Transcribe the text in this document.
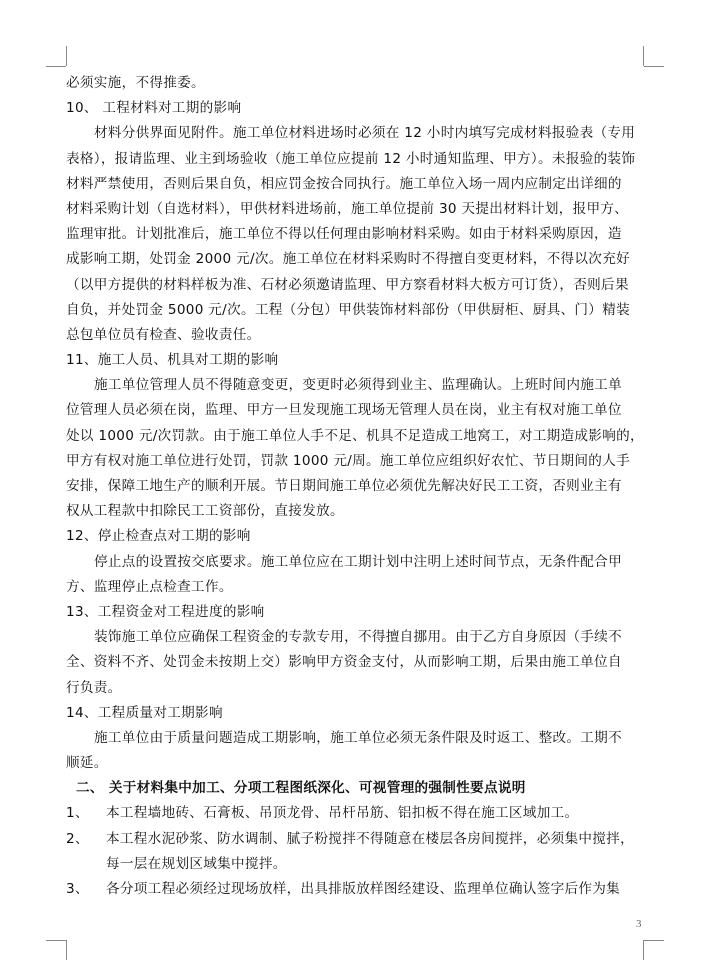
必须实施，不得推委。
10、 工程材料对工期的影响
材料分供界面见附件。施工单位材料进场时必须在 12 小时内填写完成材料报验表（专用
表格），报请监理、业主到场验收（施工单位应提前 12 小时通知监理、甲方）。未报验的装饰
材料严禁使用，否则后果自负，相应罚金按合同执行。施工单位入场一周内应制定出详细的
材料采购计划（自选材料），甲供材料进场前，施工单位提前 30 天提出材料计划，报甲方、
监理审批。计划批准后，施工单位不得以任何理由影响材料采购。如由于材料采购原因，造
成影响工期，处罚金 2000 元/次。施工单位在材料采购时不得擅自变更材料，不得以次充好
（以甲方提供的材料样板为准、石材必须邀请监理、甲方察看材料大板方可订货），否则后果
自负，并处罚金 5000 元/次。工程（分包）甲供装饰材料部份（甲供厨柜、厨具、门）精装
总包单位员有检查、验收责任。
11、施工人员、机具对工期的影响
施工单位管理人员不得随意变更，变更时必须得到业主、监理确认。上班时间内施工单
位管理人员必须在岗，监理、甲方一旦发现施工现场无管理人员在岗，业主有权对施工单位
处以 1000 元/次罚款。由于施工单位人手不足、机具不足造成工地窝工，对工期造成影响的，
甲方有权对施工单位进行处罚，罚款 1000 元/周。施工单位应组织好农忙、节日期间的人手
安排，保障工地生产的顺利开展。节日期间施工单位必须优先解决好民工工资，否则业主有
权从工程款中扣除民工工资部份，直接发放。
12、停止检查点对工期的影响
停止点的设置按交底要求。施工单位应在工期计划中注明上述时间节点，无条件配合甲
方、监理停止点检查工作。
13、工程资金对工程进度的影响
装饰施工单位应确保工程资金的专款专用，不得擅自挪用。由于乙方自身原因（手续不
全、资料不齐、处罚金未按期上交）影响甲方资金支付，从而影响工期，后果由施工单位自
行负责。
14、工程质量对工期影响
施工单位由于质量问题造成工期影响，施工单位必须无条件限及时返工、整改。工期不
顺延。
二、 关于材料集中加工、分项工程图纸深化、可视管理的强制性要点说明
1、	本工程墙地砖、石膏板、吊顶龙骨、吊杆吊筋、铝扣板不得在施工区域加工。
2、	本工程水泥砂浆、防水调制、腻子粉搅拌不得随意在楼层各房间搅拌，必须集中搅拌，
每一层在规划区域集中搅拌。
3、	各分项工程必须经过现场放样，出具排版放样图经建设、监理单位确认签字后作为集
3
